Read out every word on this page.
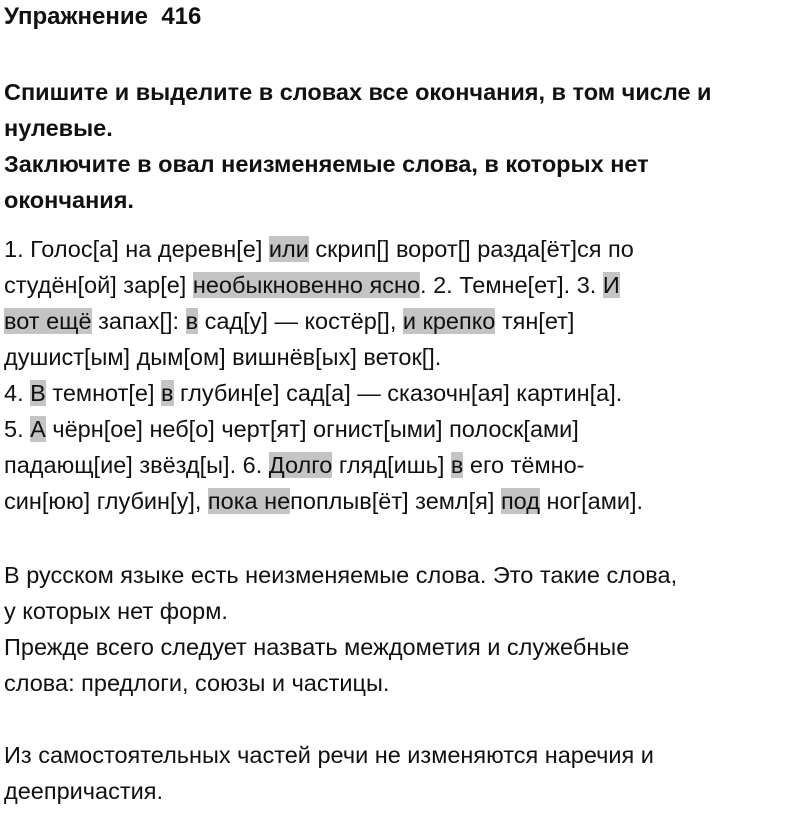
Упражнение  416
Спишите и выделите в словах все окончания, в том числе и
нулевые.
Заключите в овал неизменяемые слова, в которых нет
окончания.
1. Голос[а] на деревн[е] или скрип[] ворот[] разда[ёт]ся по
студён[ой] зар[е] необыкновенно ясно. 2. Темне[ет]. 3. И
вот ещё запах[]: в сад[у] — костёр[], и крепко тян[ет]
душист[ым] дым[ом] вишнёв[ых] веток[].
4. В темнот[е] в глубин[е] сад[а] — сказочн[ая] картин[а].
5. А чёрн[ое] неб[о] черт[ят] огнист[ыми] полоск[ами]
падающ[ие] звёзд[ы]. 6. Долго гляд[ишь] в его тёмно-
син[юю] глубин[у], пока непоплыв[ёт] земл[я] под ног[ами].
В русском языке есть неизменяемые слова. Это такие слова,
у которых нет форм.
Прежде всего следует назвать междометия и служебные
слова: предлоги, союзы и частицы.
Из самостоятельных частей речи не изменяются наречия и
деепричастия.
